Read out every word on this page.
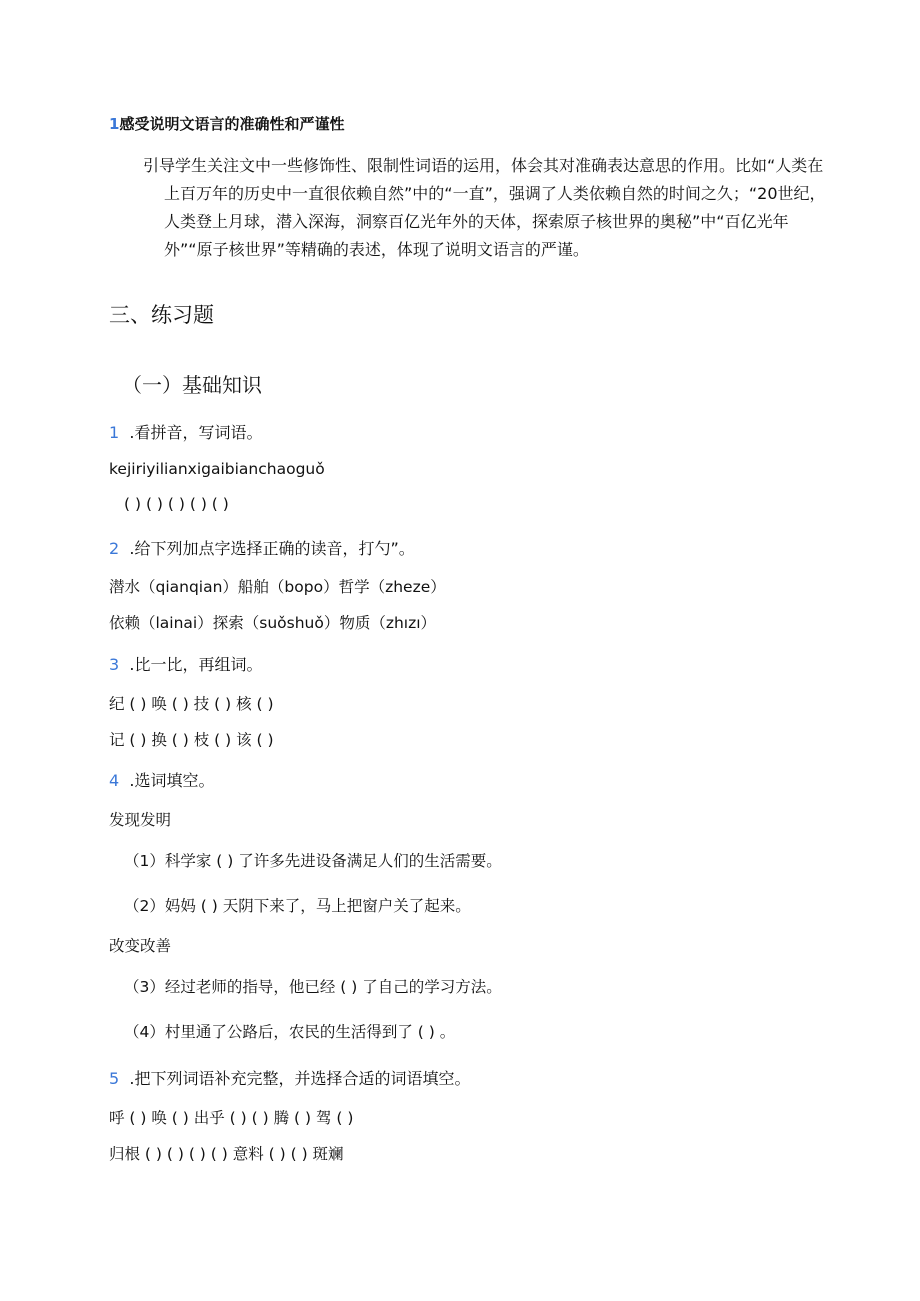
1感受说明文语言的准确性和严谨性
引导学生关注文中一些修饰性、限制性词语的运用，体会其对准确表达意思的作用。比如“人类在
上百万年的历史中一直很依赖自然”中的“一直”，强调了人类依赖自然的时间之久；“20世纪，
人类登上月球，潜入深海，洞察百亿光年外的天体，探索原子核世界的奥秘”中“百亿光年
外”“原子核世界”等精确的表述，体现了说明文语言的严谨。
三、练习题
（一）基础知识
1 .看拼音，写词语。
kejiriyilianxigaibianchaoguǒ
( ) ( ) ( ) ( ) ( )
2 .给下列加点字选择正确的读音，打勺”。
潜水（qianqian）船舶（bopo）哲学（zheze）
依赖（lainai）探索（suǒshuǒ）物质（zhızı）
3 .比一比，再组词。
纪 ( ) 唤 ( ) 技 ( ) 核 ( )
记 ( ) 换 ( ) 枝 ( ) 该 ( )
4 .选词填空。
发现发明
（1）科学家 ( ) 了许多先进设备满足人们的生活需要。
（2）妈妈 ( ) 天阴下来了，马上把窗户关了起来。
改变改善
（3）经过老师的指导，他已经 ( ) 了自己的学习方法。
（4）村里通了公路后，农民的生活得到了 ( ) 。
5 .把下列词语补充完整，并选择合适的词语填空。
呼 ( ) 唤 ( ) 出乎 ( ) ( ) 腾 ( ) 驾 ( )
归根 ( ) ( ) ( ) ( ) 意料 ( ) ( ) 斑斓
